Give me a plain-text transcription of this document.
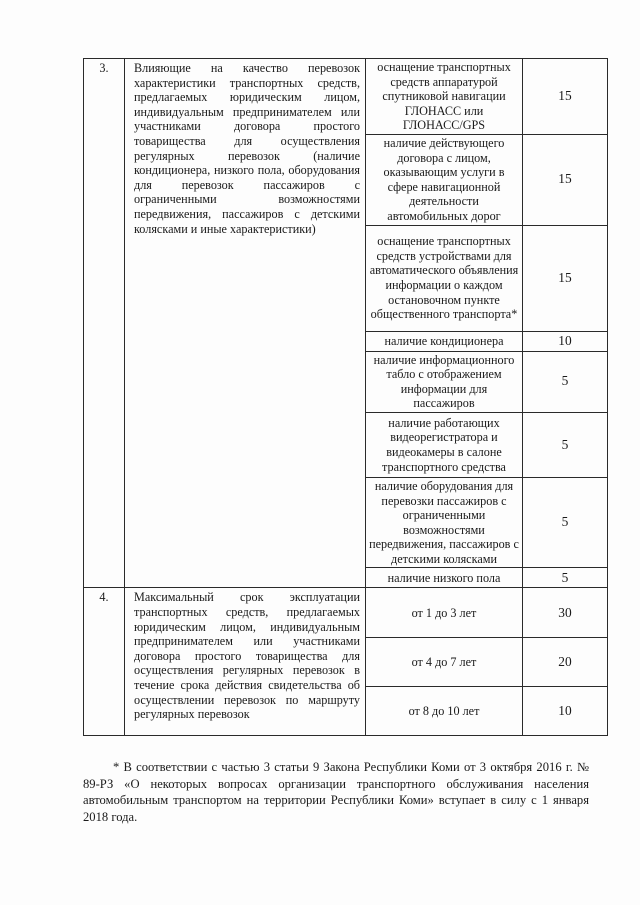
3.	Влияющие на качество перевозок характеристики транспортных средств, предлагаемых юридическим лицом, индивидуальным предпринимателем или участниками договора простого товарищества для осуществления регулярных перевозок (наличие кондиционера, низкого пола, оборудования для перевозок пассажиров с ограниченными возможностями передвижения, пассажиров с детскими колясками и иные характеристики)	оснащение транспортных средств аппаратурой спутниковой навигации ГЛОНАСС или ГЛОНАСС/GPS	15
		наличие действующего договора с лицом, оказывающим услуги в сфере навигационной деятельности автомобильных дорог	15
		оснащение транспортных средств устройствами для автоматического объявления информации о каждом остановочном пункте общественного транспорта*	15
		наличие кондиционера	10
		наличие информационного табло с отображением информации для пассажиров	5
		наличие работающих видеорегистратора и видеокамеры в салоне транспортного средства	5
		наличие оборудования для перевозки пассажиров с ограниченными возможностями передвижения, пассажиров с детскими колясками	5
		наличие низкого пола	5
4.	Максимальный срок эксплуатации транспортных средств, предлагаемых юридическим лицом, индивидуальным предпринимателем или участниками договора простого товарищества для осуществления регулярных перевозок в течение срока действия свидетельства об осуществлении перевозок по маршруту регулярных перевозок	от 1 до 3 лет	30
		от 4 до 7 лет	20
		от 8 до 10 лет	10

* В соответствии с частью 3 статьи 9 Закона Республики Коми от 3 октября 2016 г. № 89-РЗ «О некоторых вопросах организации транспортного обслуживания населения автомобильным транспортом на территории Республики Коми» вступает в силу с 1 января 2018 года.
